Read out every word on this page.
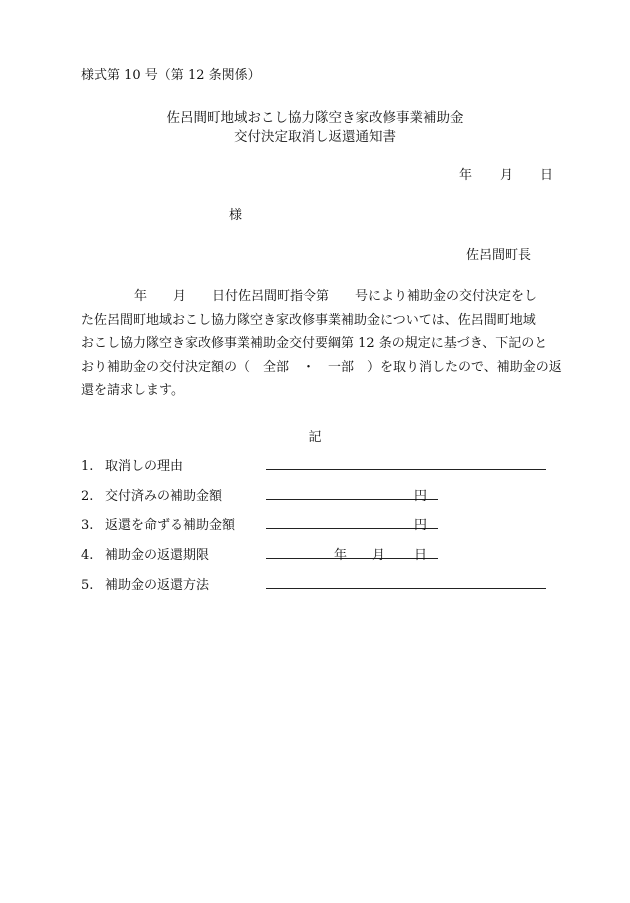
様式第 10 号（第 12 条関係）
佐呂間町地域おこし協力隊空き家改修事業補助金
交付決定取消し返還通知書
年 月 日
様
佐呂間町長
年　　月　　日付佐呂間町指令第　　号により補助金の交付決定をし
た佐呂間町地域おこし協力隊空き家改修事業補助金については、佐呂間町地域
おこし協力隊空き家改修事業補助金交付要綱第 12 条の規定に基づき、下記のと
おり補助金の交付決定額の（　全部　・　一部　）を取り消したので、補助金の返
還を請求します。
記
1. 取消しの理由
2. 交付済みの補助金額	円
3. 返還を命ずる補助金額	円
4. 補助金の返還期限	年 月 日
5. 補助金の返還方法
